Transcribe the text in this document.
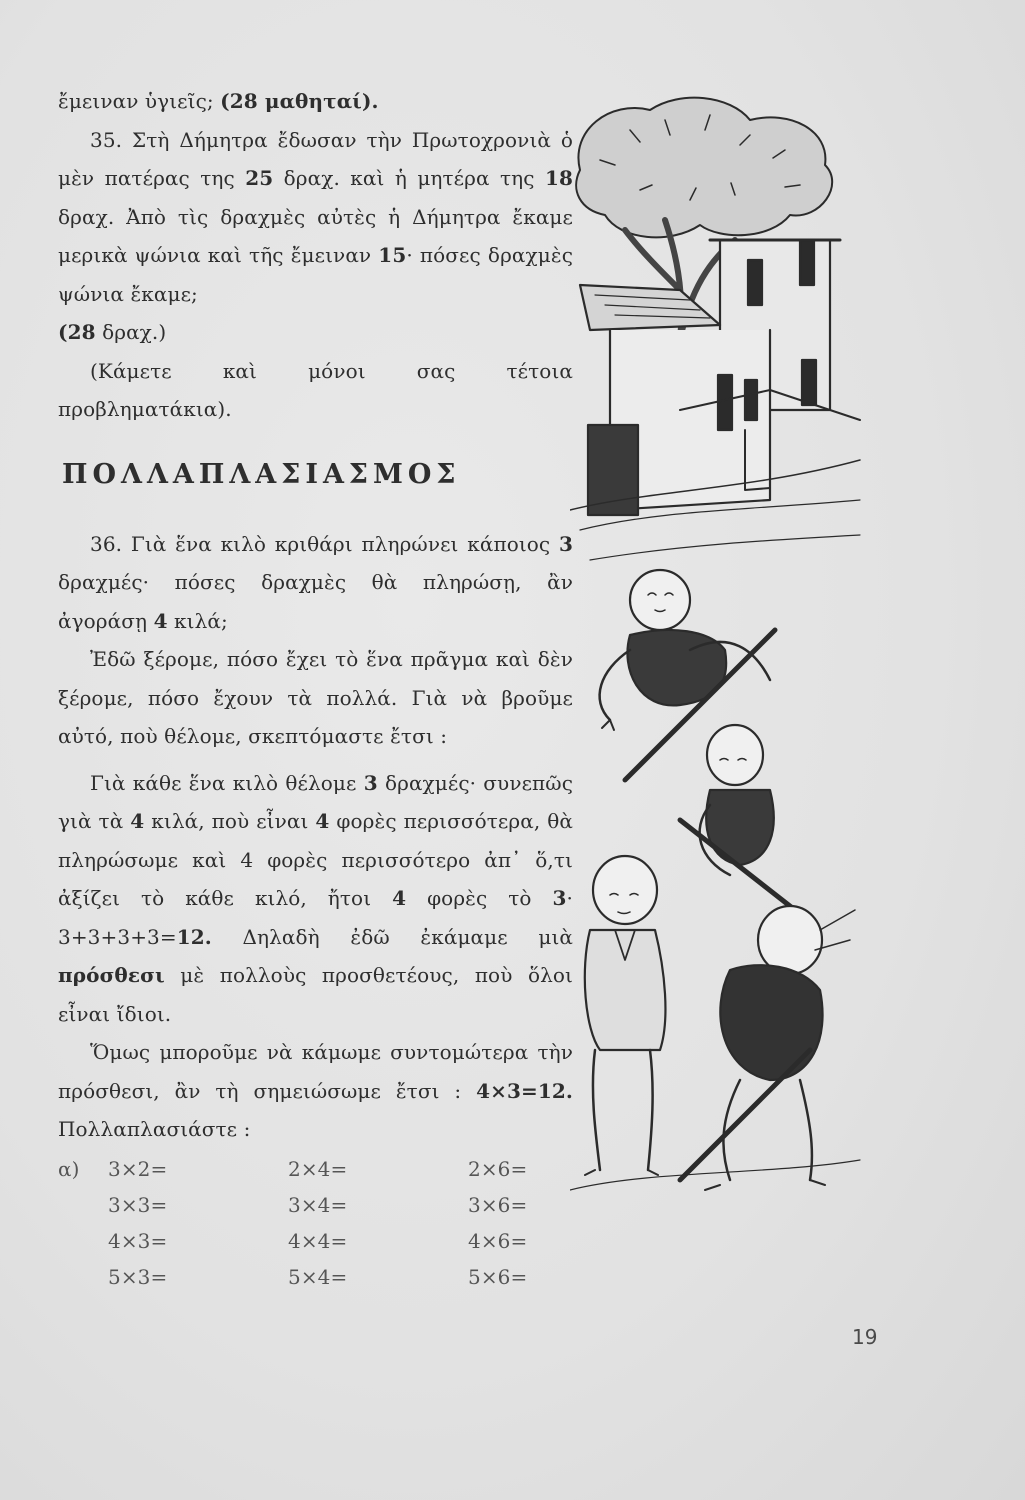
ἔμειναν ὑγιεῖς; (28 μαθηταί).

35. Στὴ Δήμητρα ἔδωσαν τὴν Πρωτοχρονιὰ ὁ μὲν πατέρας της 25 δραχ. καὶ ἡ μητέρα της 18 δραχ. Ἀπὸ τὶς δραχμὲς αὐτὲς ἡ Δήμητρα ἔκαμε μερικὰ ψώνια καὶ τῆς ἔμειναν 15· πόσες δραχμὲς ψώνια ἔκαμε;
(28 δραχ.)

(Κάμετε καὶ μόνοι σας τέτοια προβληματάκια).

ΠΟΛΛΑΠΛΑΣΙΑΣΜΟΣ

36. Γιὰ ἕνα κιλὸ κριθάρι πληρώνει κάποιος 3 δραχμές· πόσες δραχμὲς θὰ πληρώσῃ, ἂν ἀγοράσῃ 4 κιλά;

Ἐδῶ ξέρομε, πόσο ἔχει τὸ ἕνα πρᾶγμα καὶ δὲν ξέρομε, πόσο ἔχουν τὰ πολλά. Γιὰ νὰ βροῦμε αὐτό, ποὺ θέλομε, σκεπτόμαστε ἔτσι :

Γιὰ κάθε ἕνα κιλὸ θέλομε 3 δραχμές· συνεπῶς γιὰ τὰ 4 κιλά, ποὺ εἶναι 4 φορὲς περισσότερα, θὰ πληρώσωμε καὶ 4 φορὲς περισσότερο ἀπ᾽ ὅ,τι ἀξίζει τὸ κάθε κιλό, ἤτοι 4 φορὲς τὸ 3· 3+3+3+3=12. Δηλαδὴ ἐδῶ ἐκάμαμε μιὰ πρόσθεσι μὲ πολλοὺς προσθετέους, ποὺ ὅλοι εἶναι ἴδιοι.

Ὅμως μποροῦμε νὰ κάμωμε συντομώτερα τὴν πρόσθεσι, ἂν τὴ σημειώσωμε ἔτσι : 4×3=12. Πολλαπλασιάστε :

α)	3×2=	2×4=	2×6=
3×3=	3×4=	3×6=
4×3=	4×4=	4×6=
5×3=	5×4=	5×6=
19
